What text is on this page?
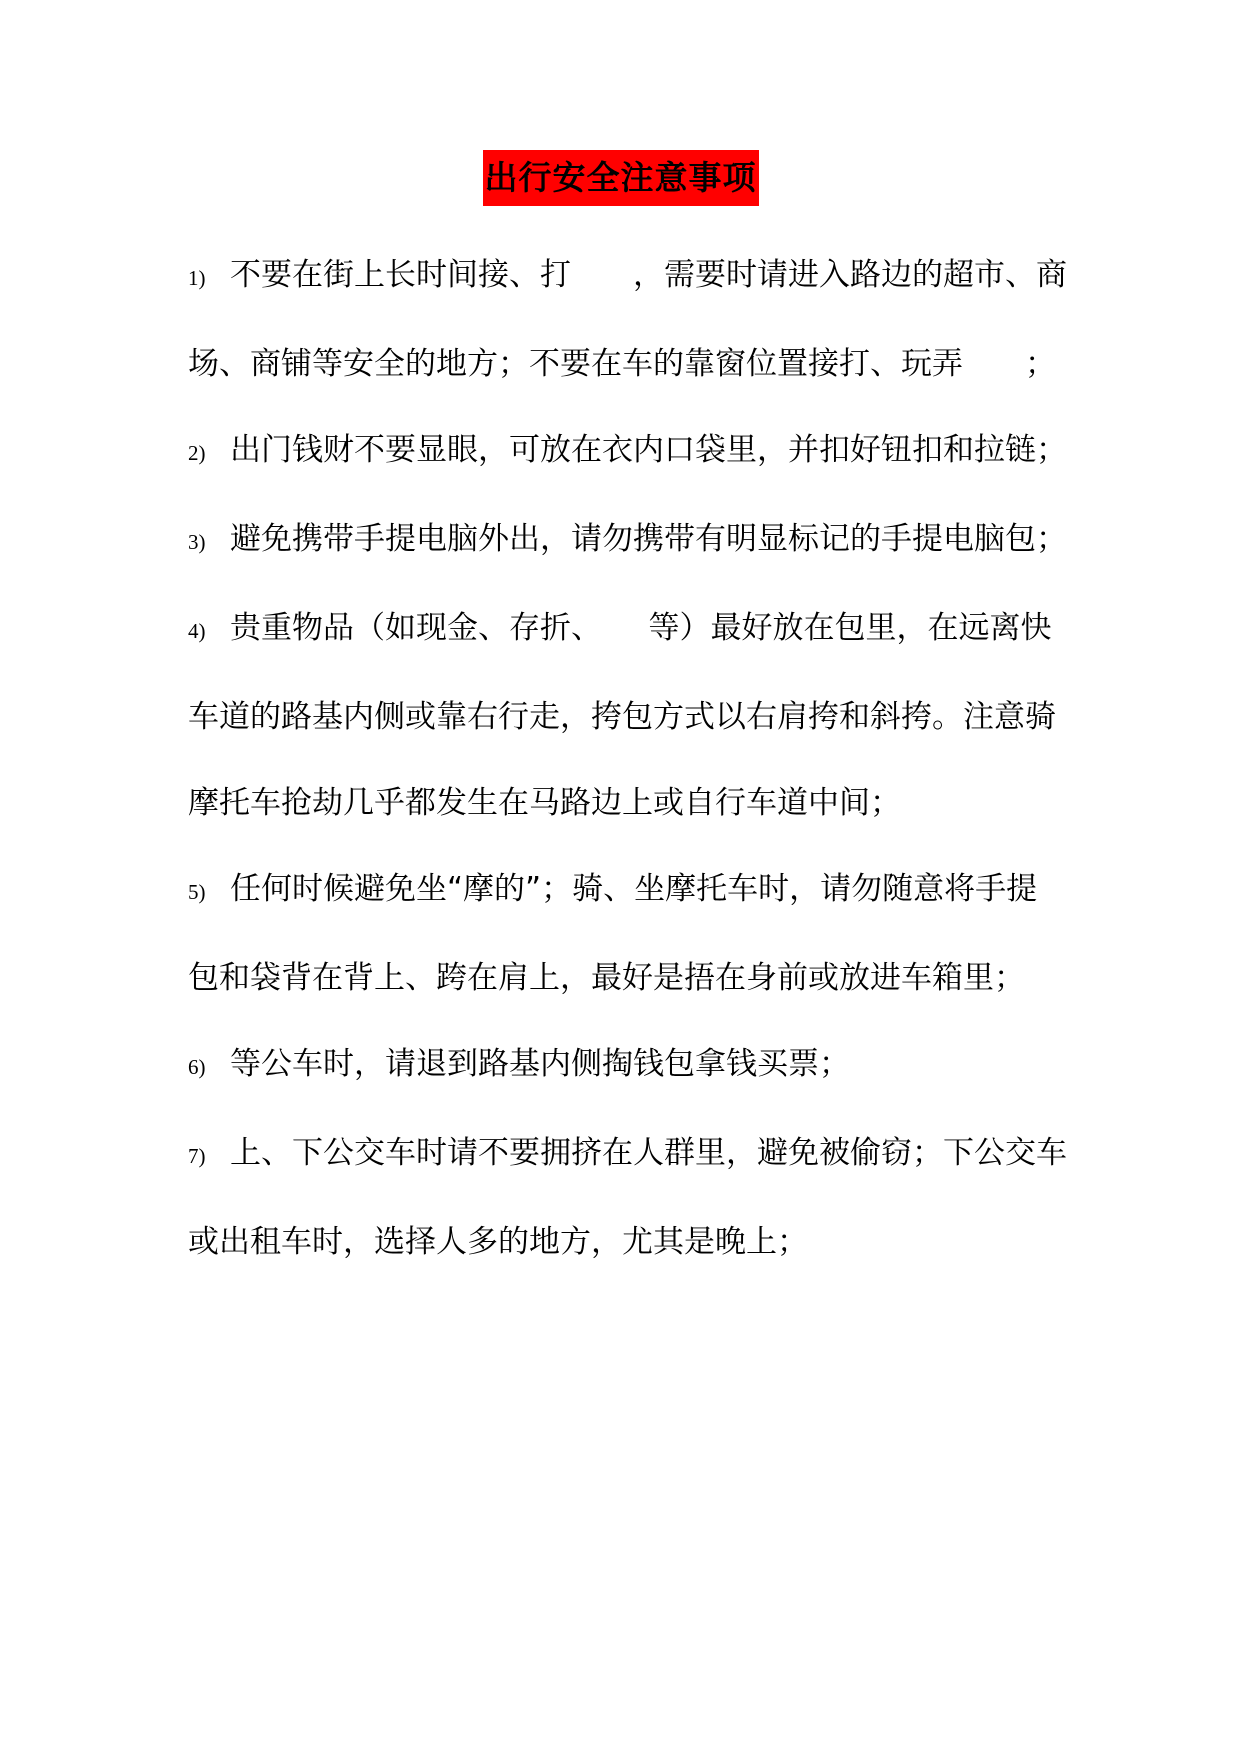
出行安全注意事项

1) 不要在街上长时间接、打　　，需要时请进入路边的超市、商场、商铺等安全的地方；不要在车的靠窗位置接打、玩弄　　；

2) 出门钱财不要显眼，可放在衣内口袋里，并扣好钮扣和拉链；

3) 避免携带手提电脑外出，请勿携带有明显标记的手提电脑包；

4) 贵重物品（如现金、存折、　　等）最好放在包里，在远离快车道的路基内侧或靠右行走，挎包方式以右肩挎和斜挎。注意骑摩托车抢劫几乎都发生在马路边上或自行车道中间；

5) 任何时候避免坐“摩的”；骑、坐摩托车时，请勿随意将手提包和袋背在背上、跨在肩上，最好是捂在身前或放进车箱里；

6) 等公车时，请退到路基内侧掏钱包拿钱买票；

7) 上、下公交车时请不要拥挤在人群里，避免被偷窃；下公交车或出租车时，选择人多的地方，尤其是晚上；
